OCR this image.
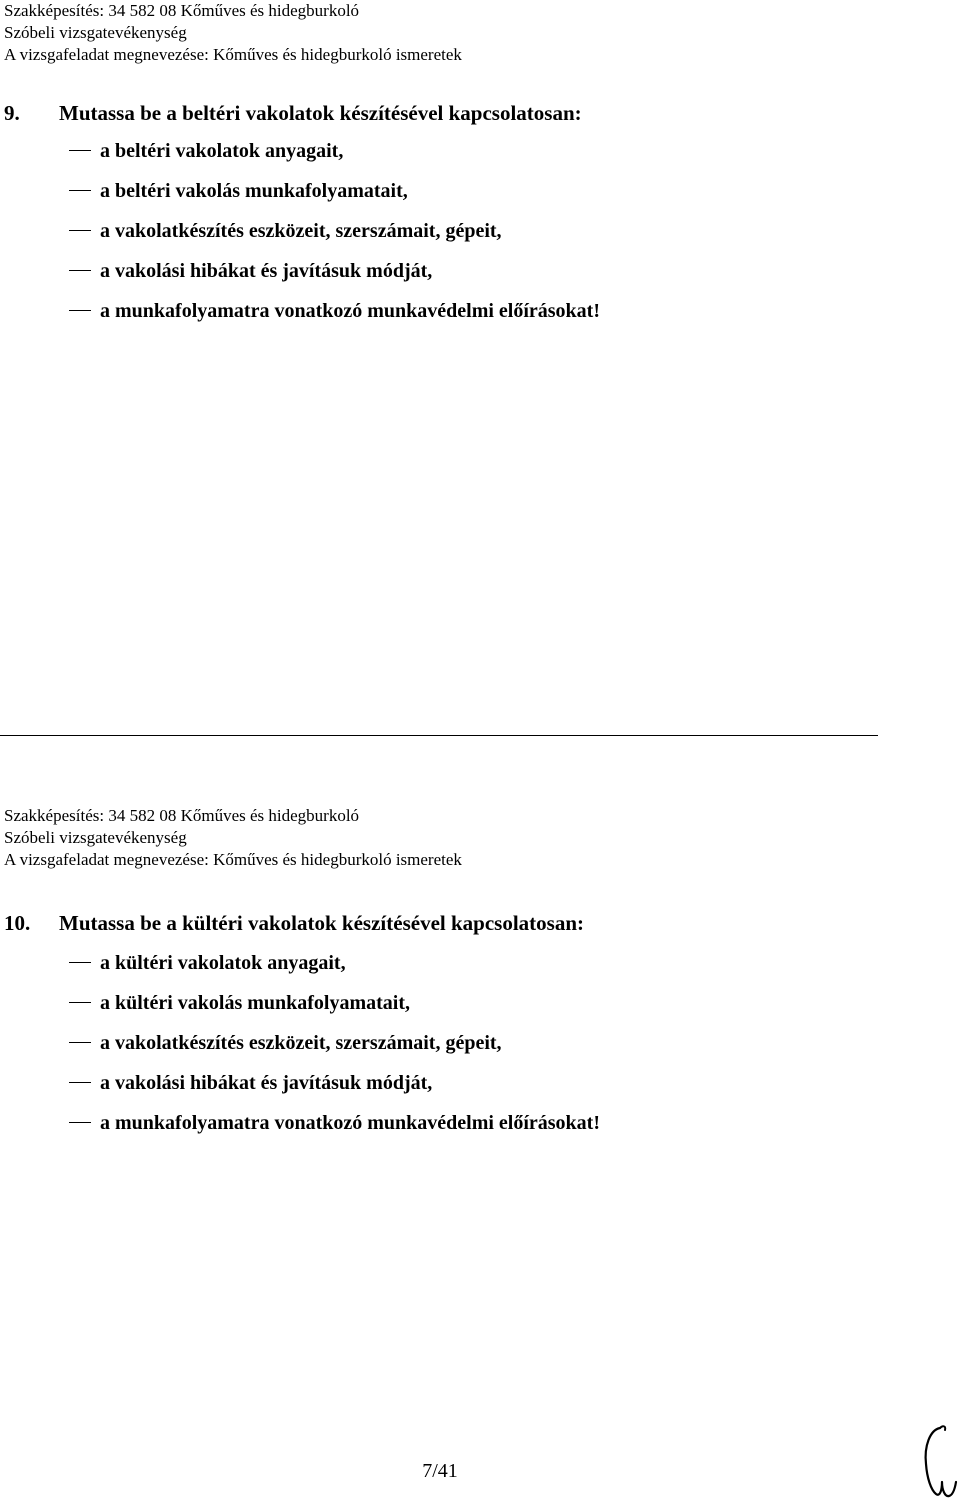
Szakképesítés: 34 582 08 Kőműves és hidegburkoló
Szóbeli vizsgatevékenység
A vizsgafeladat megnevezése: Kőműves és hidegburkoló ismeretek
9. Mutassa be a beltéri vakolatok készítésével kapcsolatosan:
a beltéri vakolatok anyagait,
a beltéri vakolás munkafolyamatait,
a vakolatkészítés eszközeit, szerszámait, gépeit,
a vakolási hibákat és javításuk módját,
a munkafolyamatra vonatkozó munkavédelmi előírásokat!
Szakképesítés: 34 582 08 Kőműves és hidegburkoló
Szóbeli vizsgatevékenység
A vizsgafeladat megnevezése: Kőműves és hidegburkoló ismeretek
10. Mutassa be a kültéri vakolatok készítésével kapcsolatosan:
a kültéri vakolatok anyagait,
a kültéri vakolás munkafolyamatait,
a vakolatkészítés eszközeit, szerszámait, gépeit,
a vakolási hibákat és javításuk módját,
a munkafolyamatra vonatkozó munkavédelmi előírásokat!
7/41
